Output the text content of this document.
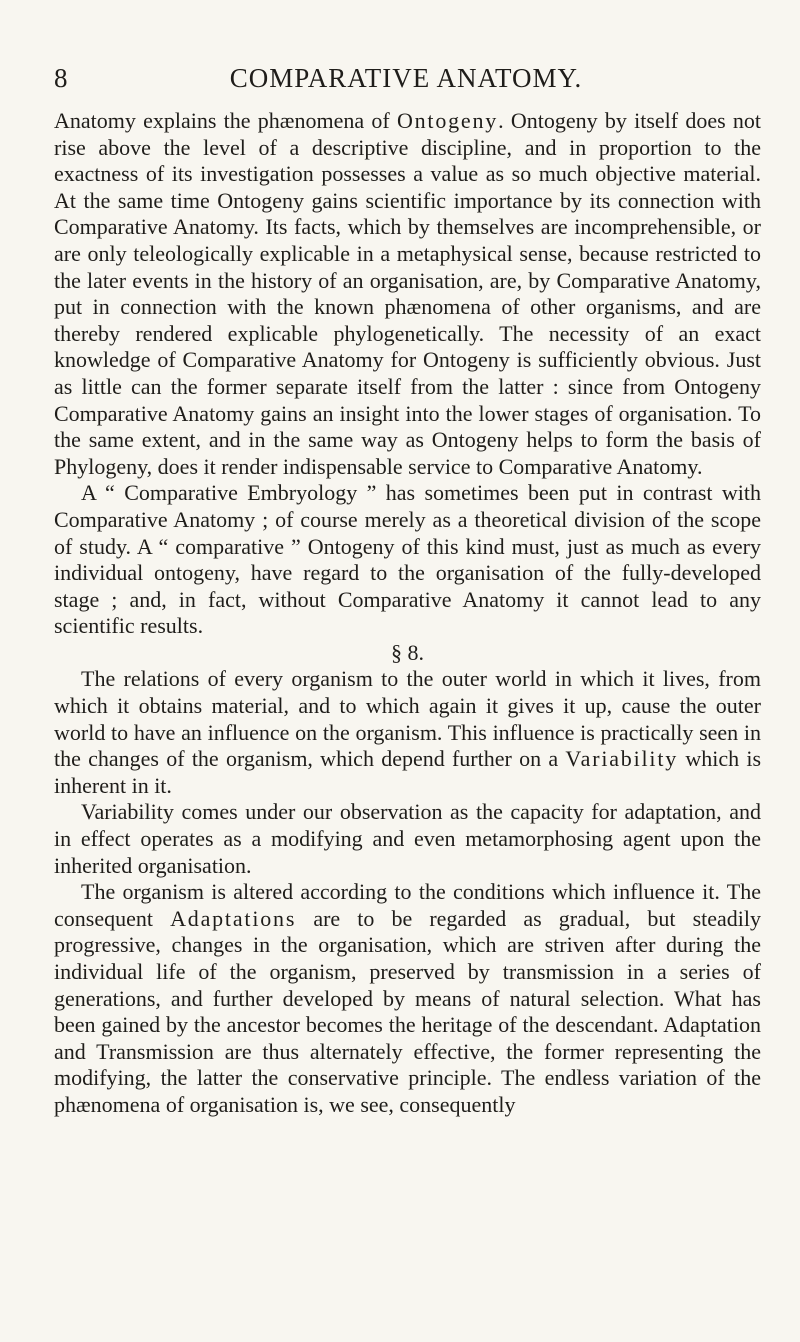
8	COMPARATIVE ANATOMY.

Anatomy explains the phænomena of Ontogeny. Ontogeny by itself does not rise above the level of a descriptive discipline, and in proportion to the exactness of its investigation possesses a value as so much objective material. At the same time Ontogeny gains scientific importance by its connection with Comparative Anatomy. Its facts, which by themselves are incomprehensible, or are only teleologically explicable in a metaphysical sense, because restricted to the later events in the history of an organisation, are, by Comparative Anatomy, put in connection with the known phænomena of other organisms, and are thereby rendered explicable phylogenetically. The necessity of an exact knowledge of Comparative Anatomy for Ontogeny is sufficiently obvious. Just as little can the former separate itself from the latter : since from Ontogeny Comparative Anatomy gains an insight into the lower stages of organisation. To the same extent, and in the same way as Ontogeny helps to form the basis of Phylogeny, does it render indispensable service to Comparative Anatomy.

A “ Comparative Embryology ” has sometimes been put in contrast with Comparative Anatomy ; of course merely as a theoretical division of the scope of study. A “ comparative ” Ontogeny of this kind must, just as much as every individual ontogeny, have regard to the organisation of the fully-developed stage ; and, in fact, without Comparative Anatomy it cannot lead to any scientific results.

§ 8.

The relations of every organism to the outer world in which it lives, from which it obtains material, and to which again it gives it up, cause the outer world to have an influence on the organism. This influence is practically seen in the changes of the organism, which depend further on a Variability which is inherent in it.

Variability comes under our observation as the capacity for adaptation, and in effect operates as a modifying and even metamorphosing agent upon the inherited organisation.

The organism is altered according to the conditions which influence it. The consequent Adaptations are to be regarded as gradual, but steadily progressive, changes in the organisation, which are striven after during the individual life of the organism, preserved by transmission in a series of generations, and further developed by means of natural selection. What has been gained by the ancestor becomes the heritage of the descendant. Adaptation and Transmission are thus alternately effective, the former representing the modifying, the latter the conservative principle. The endless variation of the phænomena of organisation is, we see, consequently
